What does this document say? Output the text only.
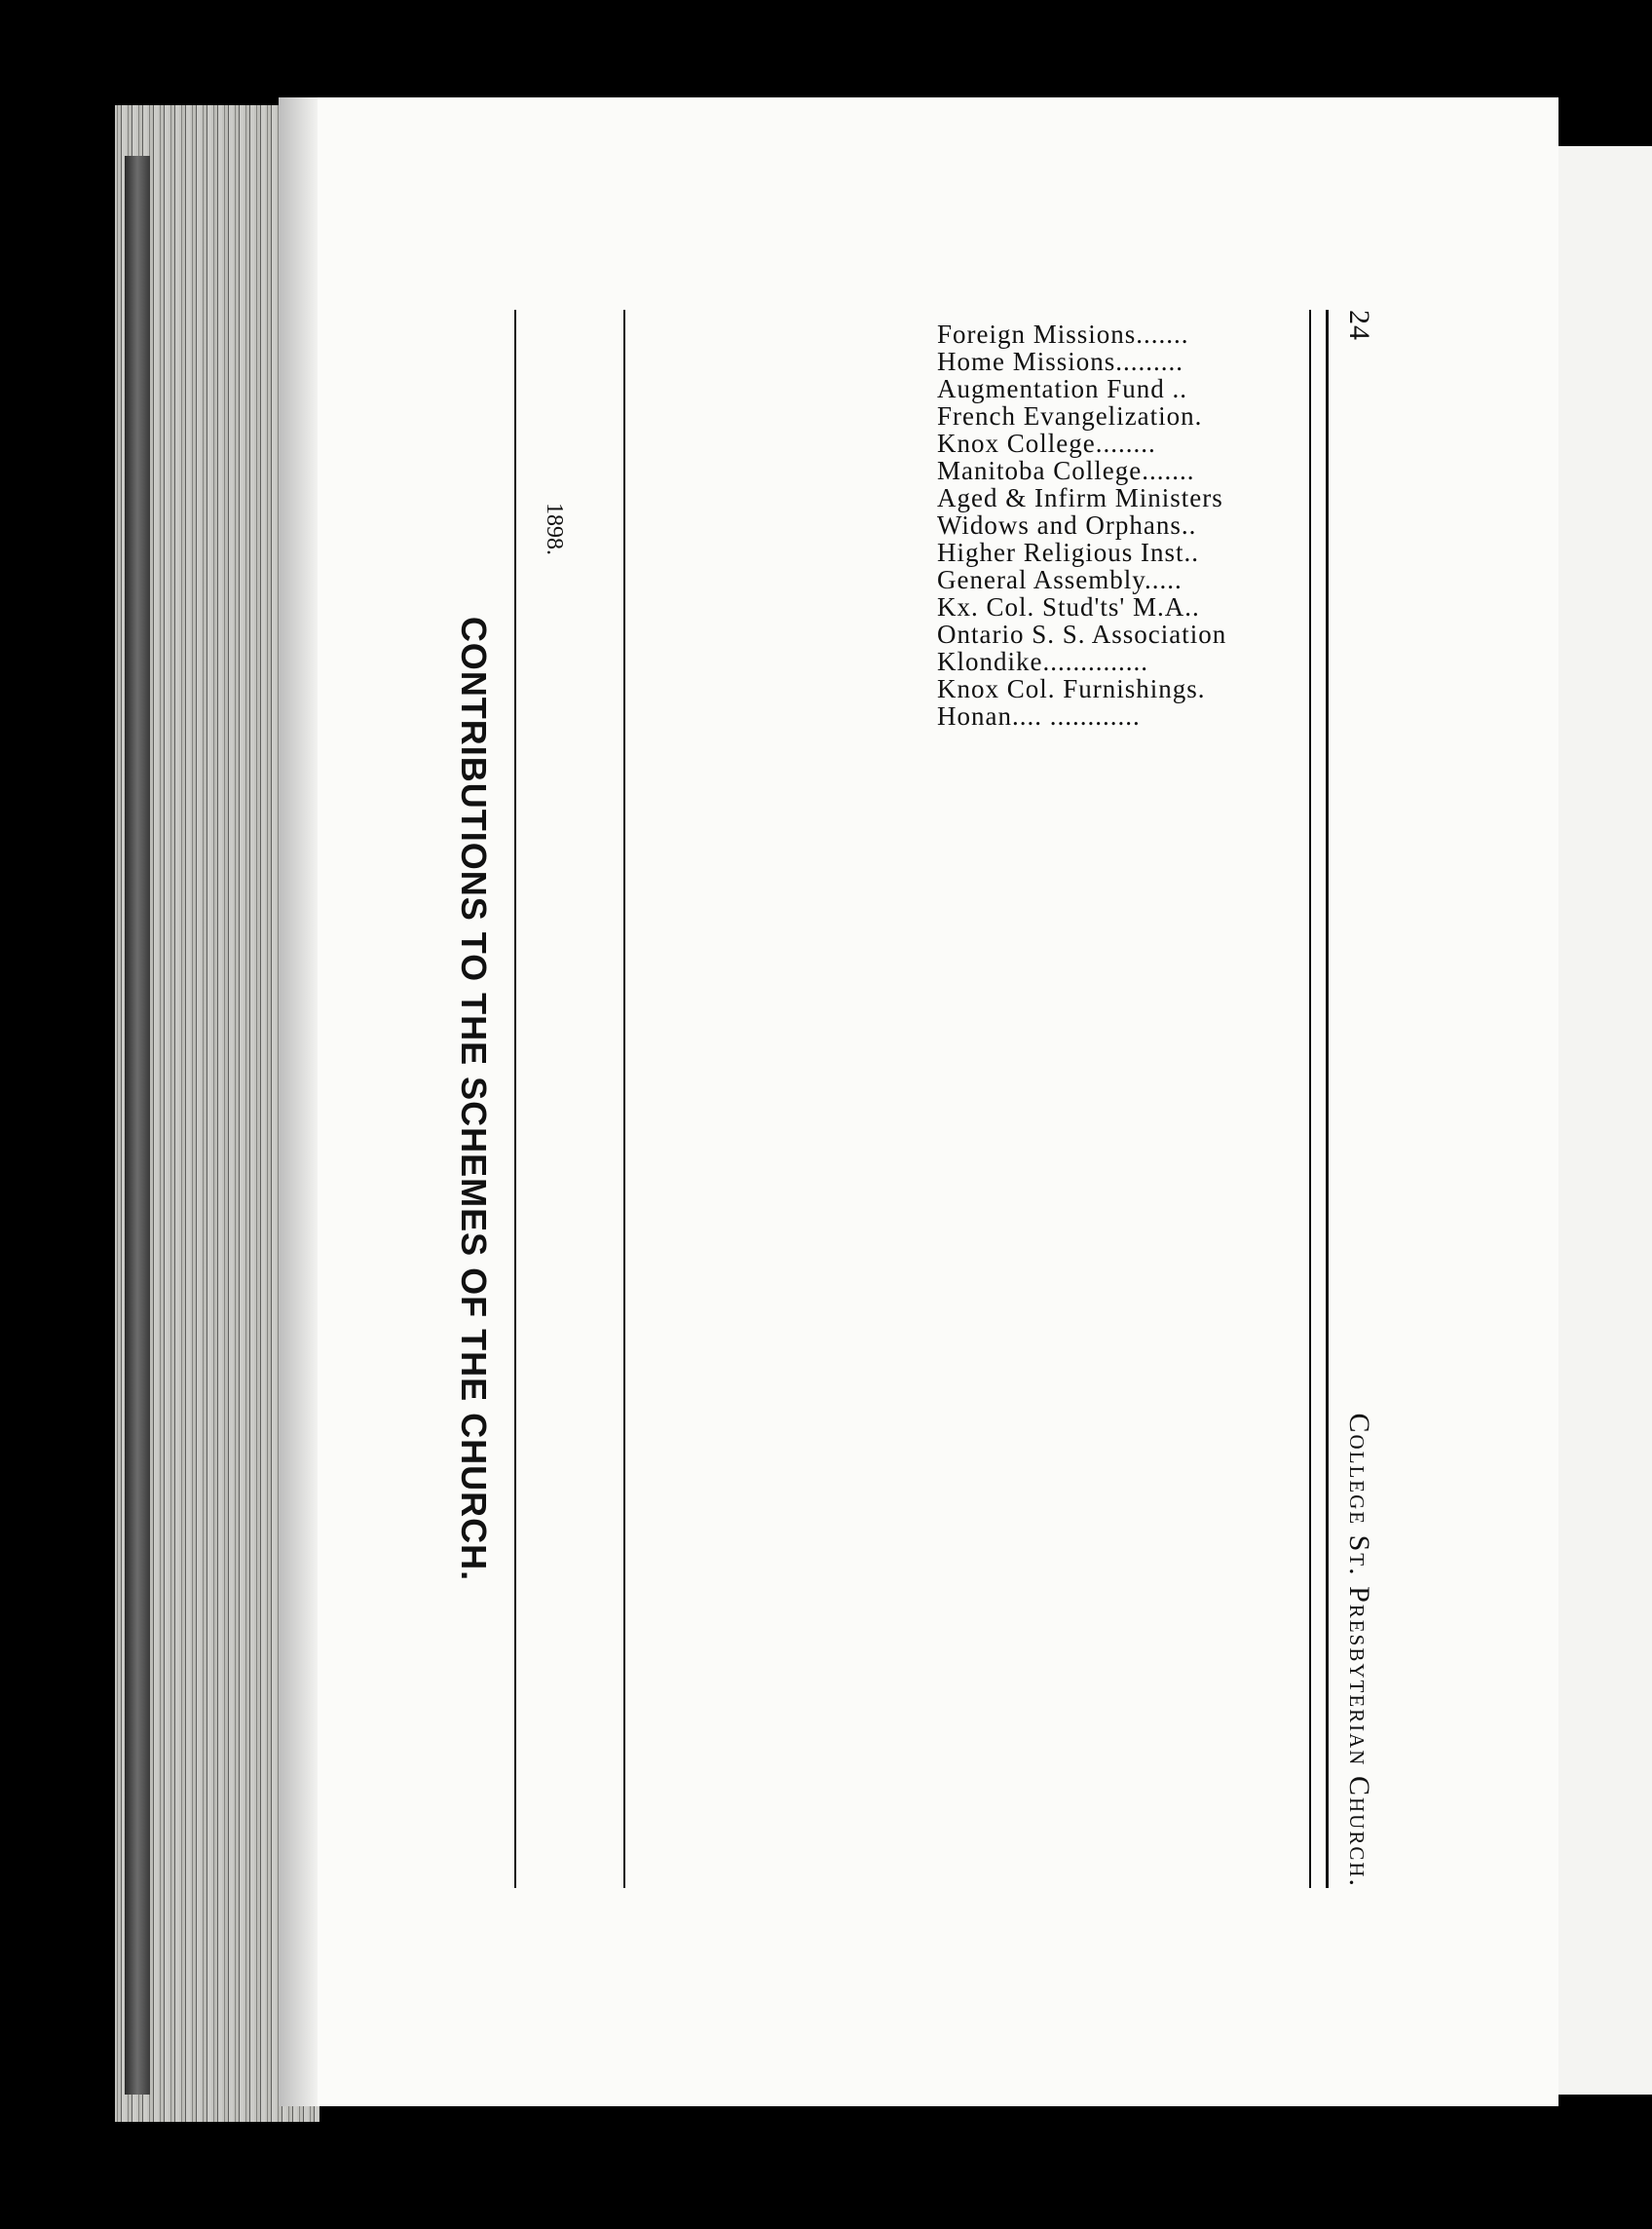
24
College St. Presbyterian Church.
1898.
Foreign Missions.......
Home Missions.........
Augmentation Fund ..
French Evangelization.
Knox College........
Manitoba College.......
Aged & Infirm Ministers
Widows and Orphans..
Higher Religious Inst..
General Assembly.....
Kx. Col. Stud'ts' M.A..
Ontario S. S. Association
Klondike..............
Knox Col. Furnishings.
Honan.... ............
CONTRIBUTIONS TO THE SCHEMES OF THE CHURCH.
